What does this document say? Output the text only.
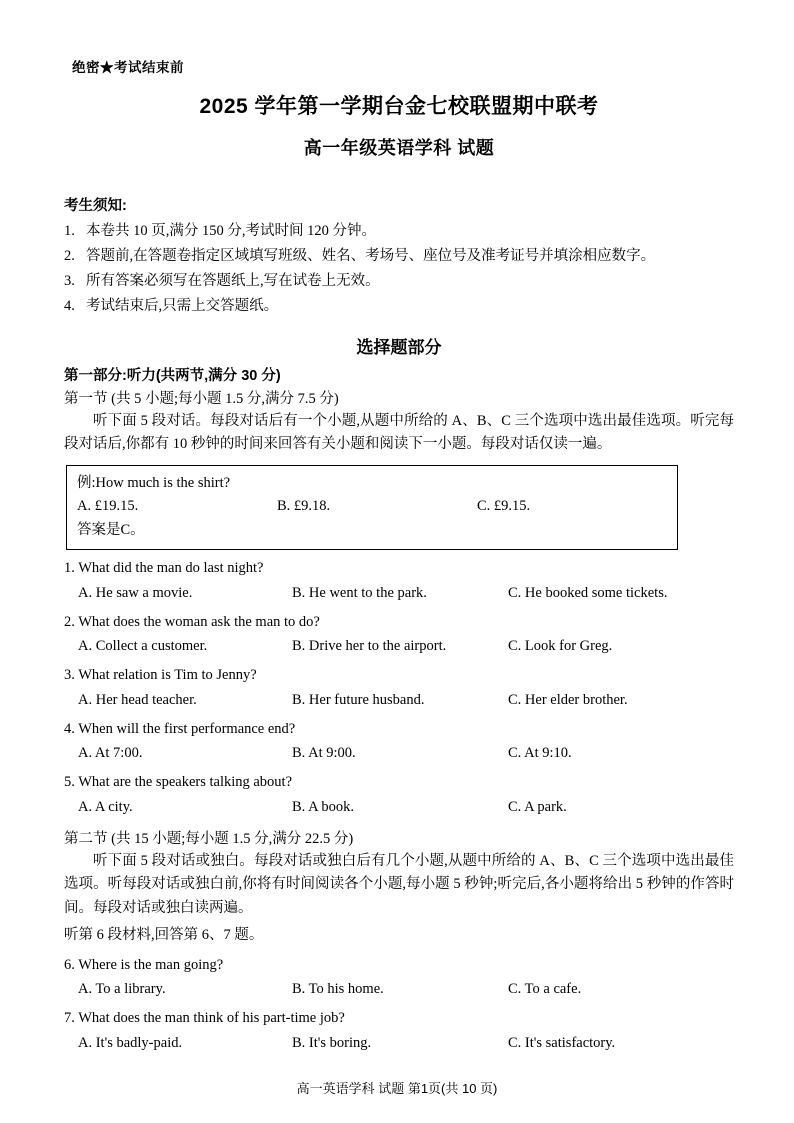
绝密★考试结束前
2025 学年第一学期台金七校联盟期中联考
高一年级英语学科 试题
考生须知:
1. 本卷共 10 页,满分 150 分,考试时间 120 分钟。
2. 答题前,在答题卷指定区域填写班级、姓名、考场号、座位号及准考证号并填涂相应数字。
3. 所有答案必须写在答题纸上,写在试卷上无效。
4. 考试结束后,只需上交答题纸。
选择题部分
第一部分:听力(共两节,满分 30 分)
第一节 (共 5 小题;每小题 1.5 分,满分 7.5 分)
听下面 5 段对话。每段对话后有一个小题,从题中所给的 A、B、C 三个选项中选出最佳选项。听完每段对话后,你都有 10 秒钟的时间来回答有关小题和阅读下一小题。每段对话仅读一遍。
例:How much is the shirt?
A. £19.15.	B. £9.18.	C. £9.15.
答案是C。
1. What did the man do last night?
A. He saw a movie.	B. He went to the park.	C. He booked some tickets.
2. What does the woman ask the man to do?
A. Collect a customer.	B. Drive her to the airport.	C. Look for Greg.
3. What relation is Tim to Jenny?
A. Her head teacher.	B. Her future husband.	C. Her elder brother.
4. When will the first performance end?
A. At 7:00.	B. At 9:00.	C. At 9:10.
5. What are the speakers talking about?
A. A city.	B. A book.	C. A park.
第二节 (共 15 小题;每小题 1.5 分,满分 22.5 分)
听下面 5 段对话或独白。每段对话或独白后有几个小题,从题中所给的 A、B、C 三个选项中选出最佳选项。听每段对话或独白前,你将有时间阅读各个小题,每小题 5 秒钟;听完后,各小题将给出 5 秒钟的作答时间。每段对话或独白读两遍。
听第 6 段材料,回答第 6、7 题。
6. Where is the man going?
A. To a library.	B. To his home.	C. To a cafe.
7. What does the man think of his part-time job?
A. It's badly-paid.	B. It's boring.	C. It's satisfactory.
高一英语学科 试题 第1页(共 10 页)
